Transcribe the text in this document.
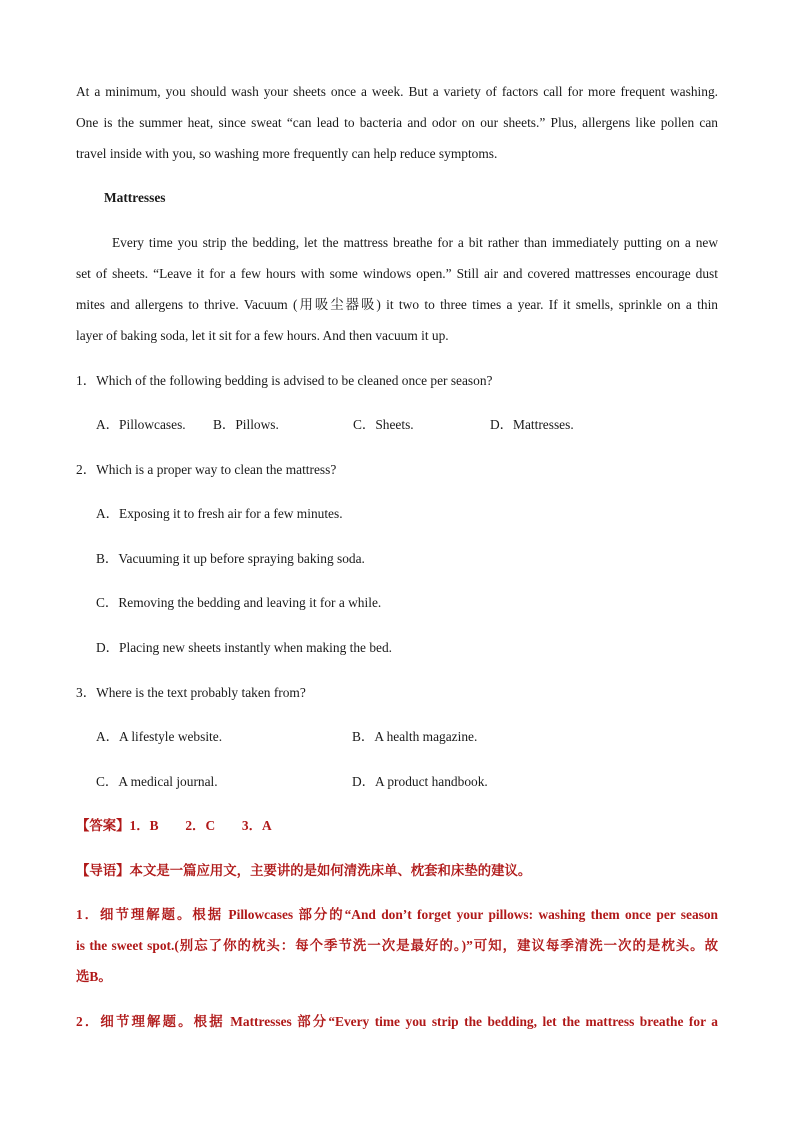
At a minimum, you should wash your sheets once a week. But a variety of factors call for more frequent washing.
One is the summer heat, since sweat “can lead to bacteria and odor on our sheets.” Plus, allergens like pollen can
travel inside with you, so washing more frequently can help reduce symptoms.
Mattresses
Every time you strip the bedding, let the mattress breathe for a bit rather than immediately putting on a new
set of sheets. “Leave it for a few hours with some windows open.” Still air and covered mattresses encourage dust
mites and allergens to thrive. Vacuum (用吸尘器吸) it two to three times a year. If it smells, sprinkle on a thin
layer of baking soda, let it sit for a few hours. And then vacuum it up.
1．Which of the following bedding is advised to be cleaned once per season?
A．Pillowcases. B．Pillows.	C．Sheets.	D．Mattresses.
2．Which is a proper way to clean the mattress?
A．Exposing it to fresh air for a few minutes.
B．Vacuuming it up before spraying baking soda.
C．Removing the bedding and leaving it for a while.
D．Placing new sheets instantly when making the bed.
3．Where is the text probably taken from?
A．A lifestyle website.	B．A health magazine.
C．A medical journal.	D．A product handbook.
【答案】1．B　　2．C　　3．A
【导语】本文是一篇应用文，主要讲的是如何清洗床单、枕套和床垫的建议。
1．细节理解题。根据 Pillowcases 部分的“And don’t forget your pillows: washing them once per season
is the sweet spot.(别忘了你的枕头：每个季节洗一次是最好的。)”可知，建议每季清洗一次的是枕头。故
选B。
2．细节理解题。根据 Mattresses 部分“Every time you strip the bedding, let the mattress breathe for a
